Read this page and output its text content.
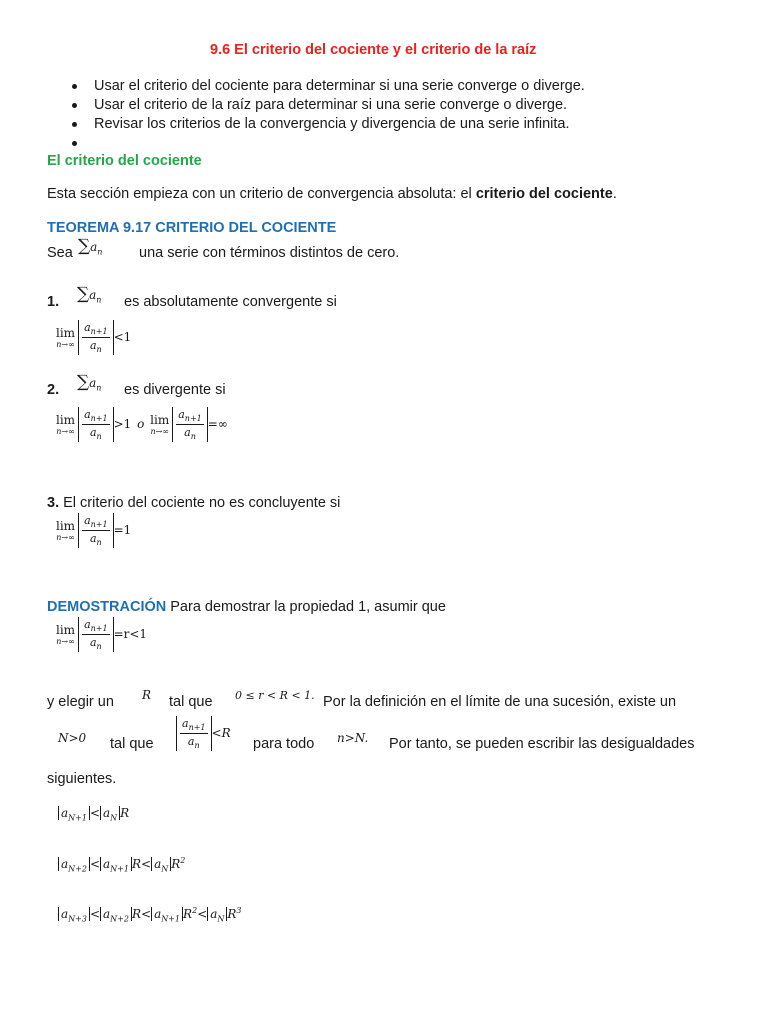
9.6 El criterio del cociente y el criterio de la raíz
Usar el criterio del cociente para determinar si una serie converge o diverge.
Usar el criterio de la raíz para determinar si una serie converge o diverge.
Revisar los criterios de la convergencia y divergencia de una serie infinita.
El criterio del cociente
Esta sección empieza con un criterio de convergencia absoluta: el criterio del cociente.
TEOREMA 9.17 CRITERIO DEL COCIENTE
Sea $\sum a_n$	una serie con términos distintos de cero.
1. $\sum a_n$ es absolutamente convergente si
lim
$n\to\infty \frac{a_{n+1}}{a_n} <1$
2. $\sum a_n$ es divergente si
lim
$n\to\infty \frac{a_{n+1}}{a_n} >1$ o lim
$n\to\infty \frac{a_{n+1}}{a_n}$ =∞
3. El criterio del cociente no es concluyente si
lim
$n\to\infty \frac{a_{n+1}}{a_n} =1$
DEMOSTRACIÓN Para demostrar la propiedad 1, asumir que
lim
$n\to\infty \frac{a_{n+1}}{a_n} =r<1$
y elegir un R tal que 0 ≤ r < R < 1. Por la definición en el límite de una sucesión, existe un
N>0 tal que $\frac{a_{n+1}}{a_n} <R$
para todo n>N. Por tanto, se pueden escribir las desigualdades
siguientes.
$a_{N+1} < a_N$ R
$a_{N+2} < a_{N+1}$ $R< a_N$ $R^2$
$a_{N+3} < a_{N+2}$ $R< a_{N+1}$ $R^2< a_N$ $R^3$
